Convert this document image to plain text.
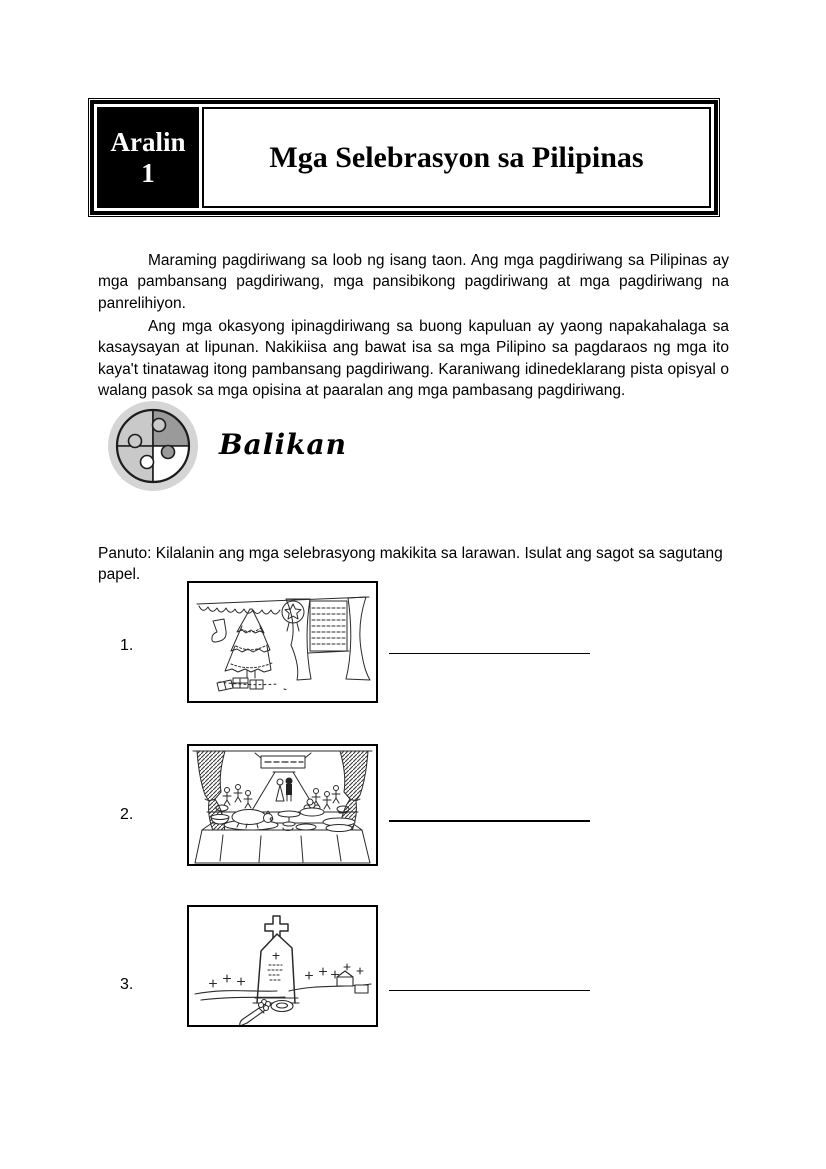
Aralin
1	Mga Selebrasyon sa Pilipinas

Maraming pagdiriwang sa loob ng isang taon. Ang mga pagdiriwang sa Pilipinas ay mga pambansang pagdiriwang, mga pansibikong pagdiriwang at mga pagdiriwang na panrelihiyon.

Ang mga okasyong ipinagdiriwang sa buong kapuluan ay yaong napakahalaga sa kasaysayan at lipunan. Nakikiisa ang bawat isa sa mga Pilipino sa pagdaraos ng mga ito kaya't tinatawag itong pambansang pagdiriwang. Karaniwang idinedeklarang pista opisyal o walang pasok sa mga opisina at paaralan ang mga pambasang pagdiriwang.

Balikan

Panuto: Kilalanin ang mga selebrasyong makikita sa larawan. Isulat ang sagot sa sagutang papel.

1.
2.
3.
